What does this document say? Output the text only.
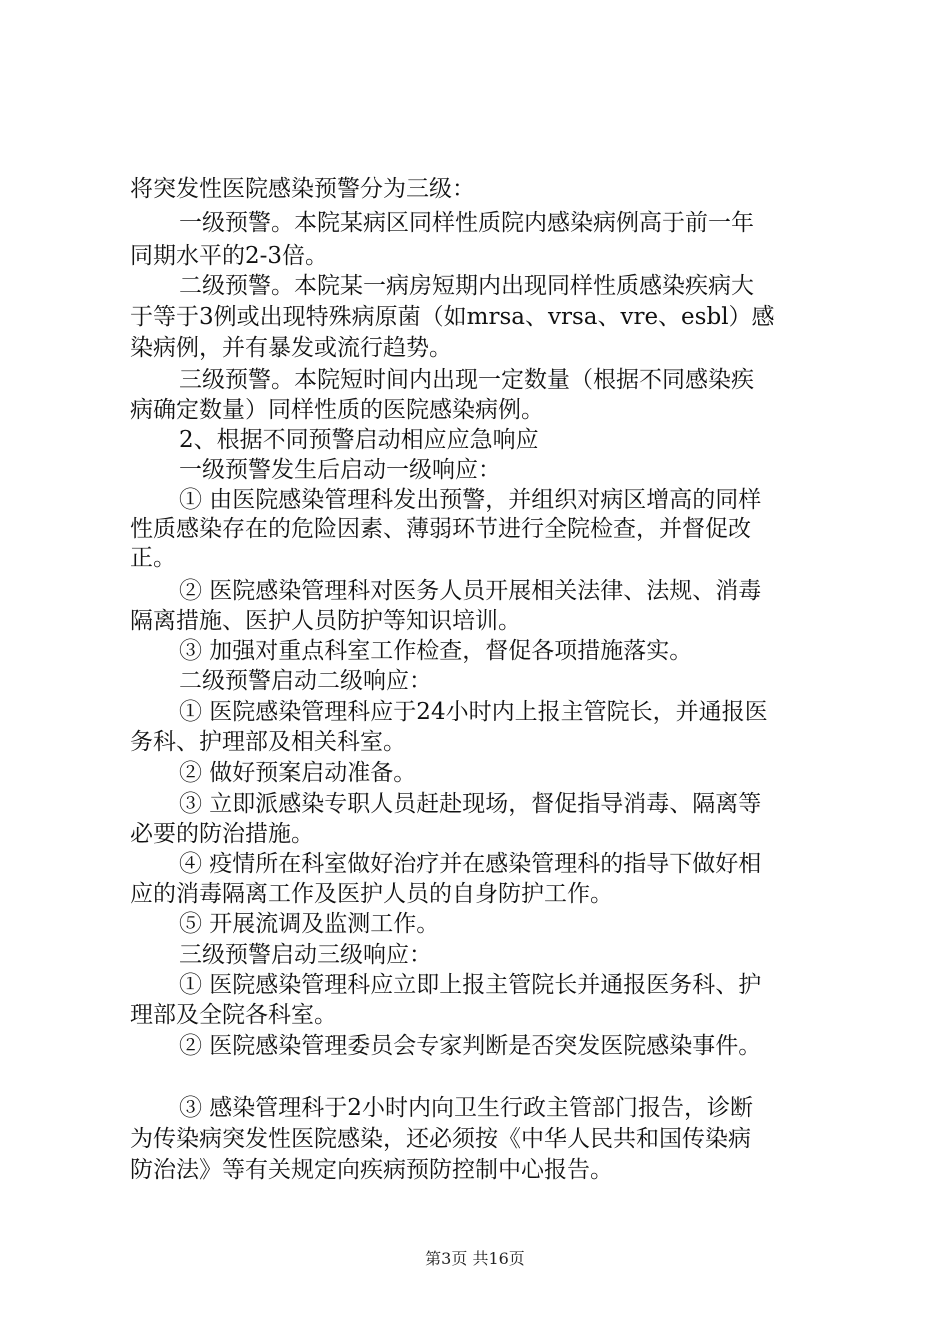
将突发性医院感染预警分为三级：

一级预警。本院某病区同样性质院内感染病例高于前一年

同期水平的2-3倍。

二级预警。本院某一病房短期内出现同样性质感染疾病大

于等于3例或出现特殊病原菌（如mrsa、vrsa、vre、esbl）感

染病例，并有暴发或流行趋势。

三级预警。本院短时间内出现一定数量（根据不同感染疾

病确定数量）同样性质的医院感染病例。

2、根据不同预警启动相应应急响应

一级预警发生后启动一级响应：

① 由医院感染管理科发出预警，并组织对病区增高的同样

性质感染存在的危险因素、薄弱环节进行全院检查，并督促改

正。

② 医院感染管理科对医务人员开展相关法律、法规、消毒

隔离措施、医护人员防护等知识培训。

③ 加强对重点科室工作检查，督促各项措施落实。

二级预警启动二级响应：

① 医院感染管理科应于24小时内上报主管院长，并通报医

务科、护理部及相关科室。

② 做好预案启动准备。

③ 立即派感染专职人员赶赴现场，督促指导消毒、隔离等

必要的防治措施。

④ 疫情所在科室做好治疗并在感染管理科的指导下做好相

应的消毒隔离工作及医护人员的自身防护工作。

⑤ 开展流调及监测工作。

三级预警启动三级响应：

① 医院感染管理科应立即上报主管院长并通报医务科、护

理部及全院各科室。

② 医院感染管理委员会专家判断是否突发医院感染事件。

③ 感染管理科于2小时内向卫生行政主管部门报告，诊断

为传染病突发性医院感染，还必须按《中华人民共和国传染病

防治法》等有关规定向疾病预防控制中心报告。

第3页 共16页
